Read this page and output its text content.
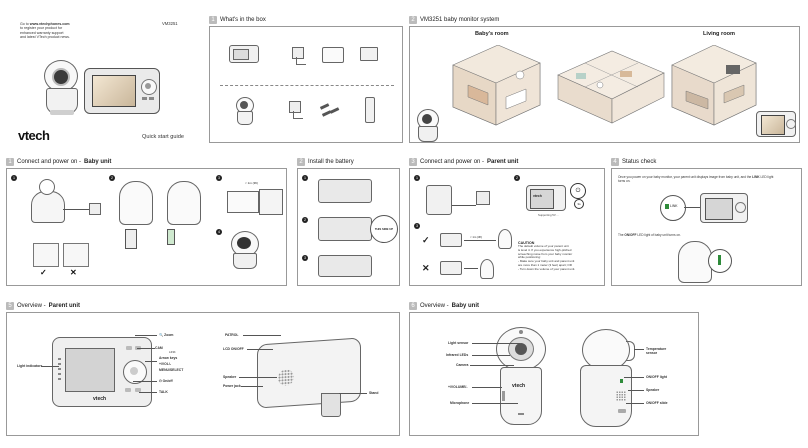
Go to www.vtechphones.com
to register your product for
enhanced warranty support
and latest VTech product news.
VM3251
vtech	Quick start guide
1 What's in the box	2 VM3251 baby monitor system
Baby's room	Living room
1 Connect and power on - Baby unit
1	2	3
4
✓	✕
< 1m (3ft)
2 Install the battery
1
2
3
THIS SIDE UP
3 Connect and power on - Parent unit
1	2
3
vtech
⏻
3s
Supporting 5V ...
✓
✕
< 1m (3ft)
CAUTION
The default volume of your parent unit
is level 4. If you experience high-pitched
screeching noise from your baby monitor
while positioning:
- Make sure your baby unit and parent unit
are more than 1 meter (3 feet) apart; OR
- Turn down the volume of your parent unit.
4 Status check
Once you power on your baby monitor, your parent unit displays image from baby unit, and the LINK LED light
turns on.
LINK
The ON/OFF LED light of baby unit turns on.
5 Overview - Parent unit
vtech
Light indicators
🔍 Zoom
CAM
LINK
Arrow keys
+/VOL/-
MENU/SELECT
⏻ On/off
TALK
PATROL
LCD ON/OFF
Speaker
Power jack
Stand
6 Overview - Baby unit
vtech
Light sensor
Infrared LEDs
Camera
+/VOLUME/-
Microphone
Temperature
sensor
ON/OFF light
Speaker
ON/OFF slide
